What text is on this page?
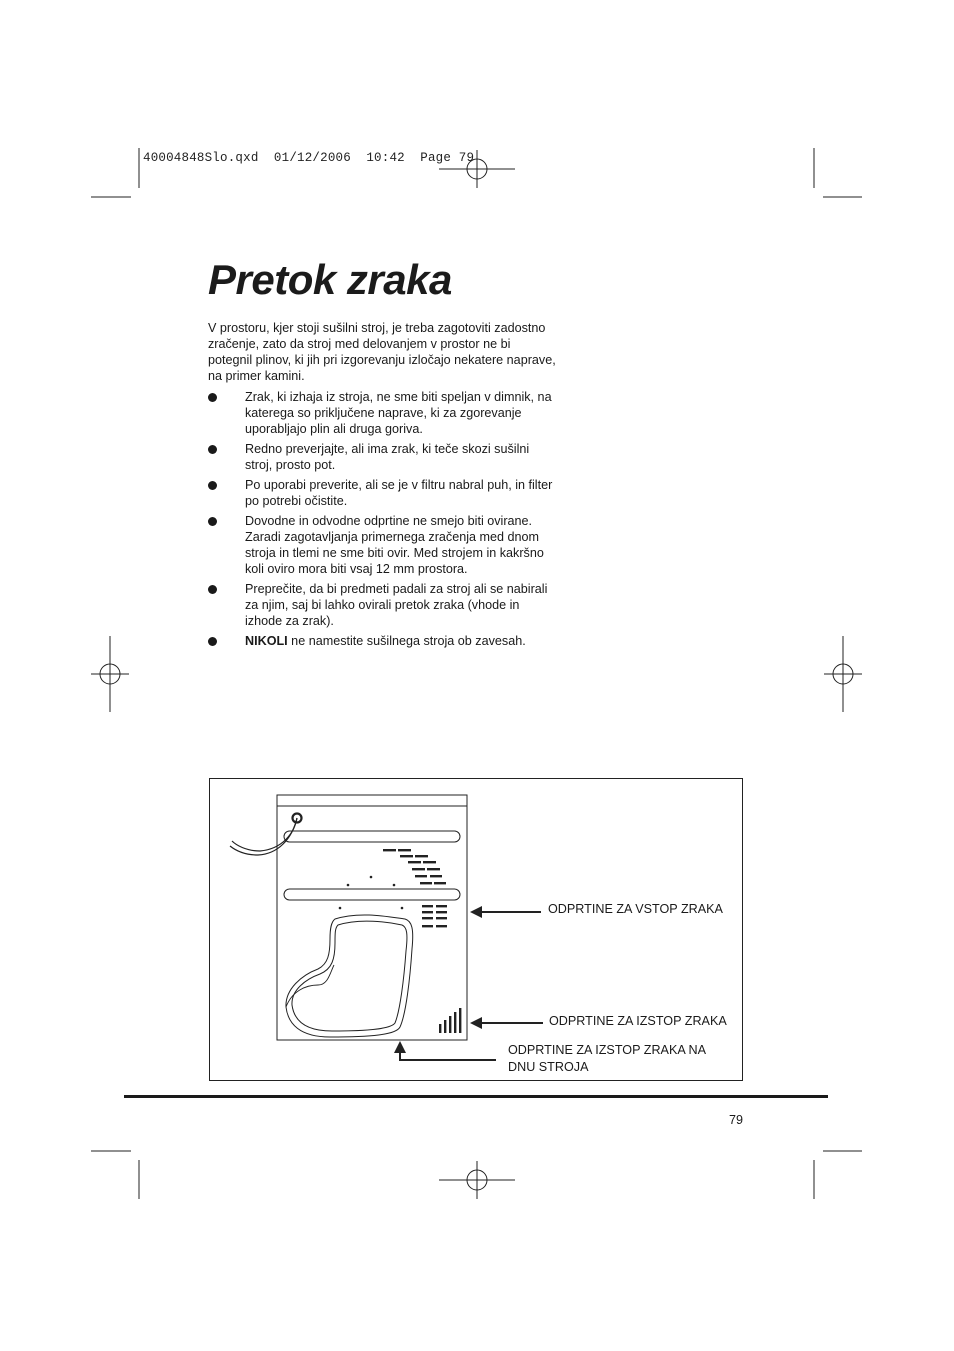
40004848Slo.qxd  01/12/2006  10:42  Page 79
Pretok zraka

V prostoru, kjer stoji sušilni stroj, je treba zagotoviti zadostno zračenje, zato da stroj med delovanjem v prostor ne bi potegnil plinov, ki jih pri izgorevanju izločajo nekatere naprave, na primer kamini.

Zrak, ki izhaja iz stroja, ne sme biti speljan v dimnik, na katerega so priključene naprave, ki za zgorevanje uporabljajo plin ali druga goriva.
Redno preverjajte, ali ima zrak, ki teče skozi sušilni stroj, prosto pot.
Po uporabi preverite, ali se je v filtru nabral puh, in filter po potrebi očistite.
Dovodne in odvodne odprtine ne smejo biti ovirane. Zaradi zagotavljanja primernega zračenja med dnom stroja in tlemi ne sme biti ovir. Med strojem in kakršno koli oviro mora biti vsaj 12 mm prostora.
Preprečite, da bi predmeti padali za stroj ali se nabirali za njim, saj bi lahko ovirali pretok zraka (vhode in izhode za zrak).
NIKOLI ne namestite sušilnega stroja ob zavesah.
ODPRTINE ZA VSTOP ZRAKA
ODPRTINE ZA IZSTOP ZRAKA
ODPRTINE ZA IZSTOP ZRAKA NA DNU STROJA
79
